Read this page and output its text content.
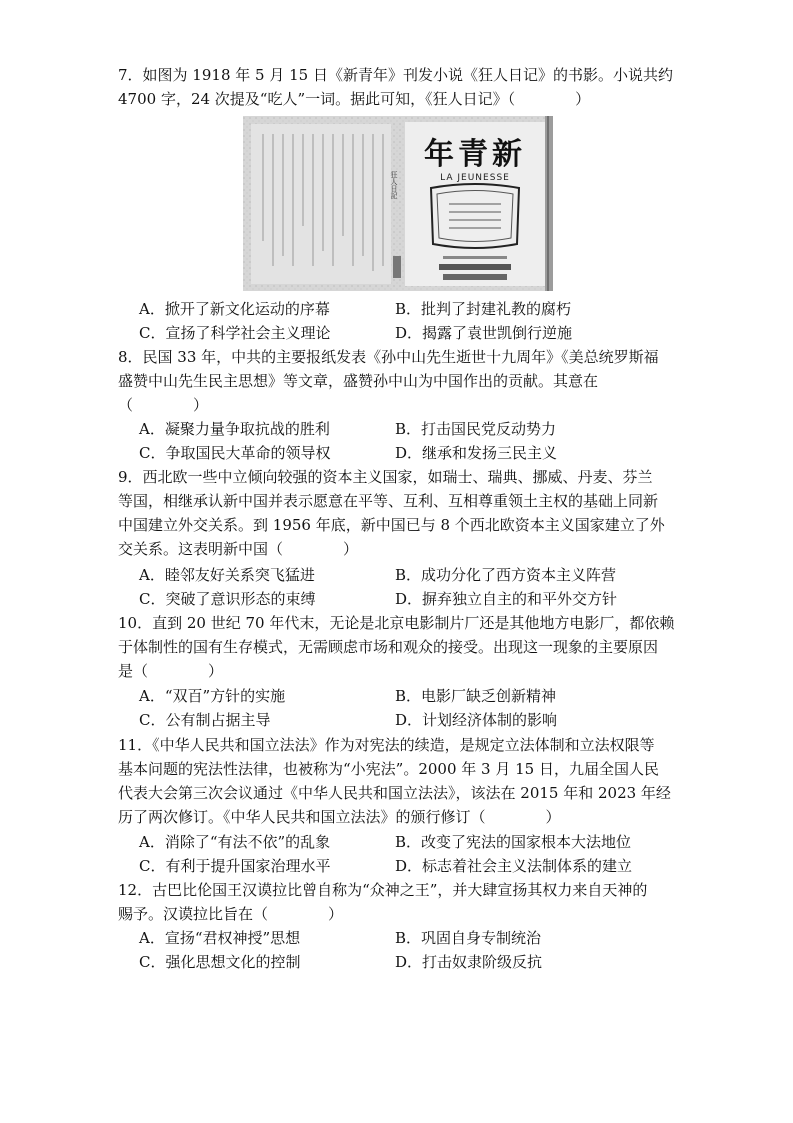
7．如图为 1918 年 5 月 15 日《新青年》刊发小说《狂人日记》的书影。小说共约
4700 字，24 次提及“吃人”一词。据此可知，《狂人日记》（　　　　）
狂人日記
年青新
LA JEUNESSE
A．掀开了新文化运动的序幕	B．批判了封建礼教的腐朽
C．宣扬了科学社会主义理论	D．揭露了袁世凯倒行逆施
8．民国 33 年，中共的主要报纸发表《孙中山先生逝世十九周年》《美总统罗斯福
盛赞中山先生民主思想》等文章，盛赞孙中山为中国作出的贡献。其意在
（　　　　）
A．凝聚力量争取抗战的胜利	B．打击国民党反动势力
C．争取国民大革命的领导权	D．继承和发扬三民主义
9．西北欧一些中立倾向较强的资本主义国家，如瑞士、瑞典、挪威、丹麦、芬兰
等国，相继承认新中国并表示愿意在平等、互利、互相尊重领土主权的基础上同新
中国建立外交关系。到 1956 年底，新中国已与 8 个西北欧资本主义国家建立了外
交关系。这表明新中国（　　　　）
A．睦邻友好关系突飞猛进	B．成功分化了西方资本主义阵营
C．突破了意识形态的束缚	D．摒弃独立自主的和平外交方针
10．直到 20 世纪 70 年代末，无论是北京电影制片厂还是其他地方电影厂，都依赖
于体制性的国有生存模式，无需顾虑市场和观众的接受。出现这一现象的主要原因
是（　　　　）
A．“双百”方针的实施	B．电影厂缺乏创新精神
C．公有制占据主导	D．计划经济体制的影响
11．《中华人民共和国立法法》作为对宪法的续造，是规定立法体制和立法权限等
基本问题的宪法性法律，也被称为“小宪法”。2000 年 3 月 15 日，九届全国人民
代表大会第三次会议通过《中华人民共和国立法法》，该法在 2015 年和 2023 年经
历了两次修订。《中华人民共和国立法法》的颁行修订（　　　　）
A．消除了“有法不依”的乱象	B．改变了宪法的国家根本大法地位
C．有利于提升国家治理水平	D．标志着社会主义法制体系的建立
12．古巴比伦国王汉谟拉比曾自称为“众神之王”，并大肆宣扬其权力来自天神的
赐予。汉谟拉比旨在（　　　　）
A．宣扬“君权神授”思想	B．巩固自身专制统治
C．强化思想文化的控制	D．打击奴隶阶级反抗
